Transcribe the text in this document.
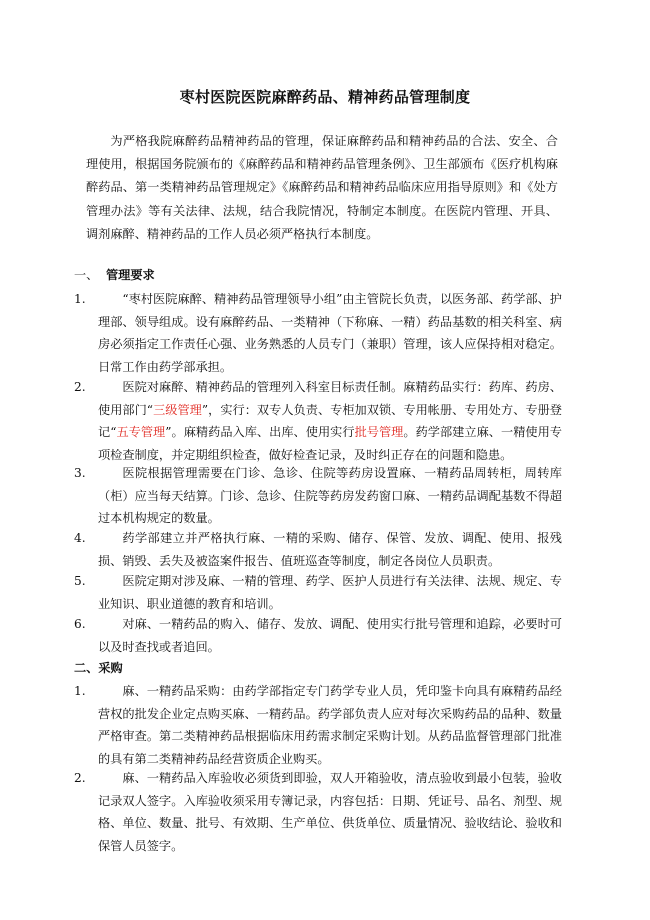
枣村医院医院麻醉药品、精神药品管理制度
为严格我院麻醉药品精神药品的管理，保证麻醉药品和精神药品的合法、安全、合理使用，根据国务院颁布的《麻醉药品和精神药品管理条例》、卫生部颁布《医疗机构麻醉药品、第一类精神药品管理规定》《麻醉药品和精神药品临床应用指导原则》和《处方管理办法》等有关法律、法规，结合我院情况，特制定本制度。在医院内管理、开具、调剂麻醉、精神药品的工作人员必须严格执行本制度。
一、 管理要求
1.	“枣村医院麻醉、精神药品管理领导小组”由主管院长负责，以医务部、药学部、护理部、领导组成。设有麻醉药品、一类精神（下称麻、一精）药品基数的相关科室、病房必须指定工作责任心强、业务熟悉的人员专门（兼职）管理，该人应保持相对稳定。日常工作由药学部承担。
2.	医院对麻醉、精神药品的管理列入科室目标责任制。麻精药品实行：药库、药房、使用部门“三级管理”，实行：双专人负责、专柜加双锁、专用帐册、专用处方、专册登记“五专管理”。麻精药品入库、出库、使用实行批号管理。药学部建立麻、一精使用专项检查制度，并定期组织检查，做好检查记录，及时纠正存在的问题和隐患。
3.	医院根据管理需要在门诊、急诊、住院等药房设置麻、一精药品周转柜，周转库（柜）应当每天结算。门诊、急诊、住院等药房发药窗口麻、一精药品调配基数不得超过本机构规定的数量。
4.	药学部建立并严格执行麻、一精的采购、储存、保管、发放、调配、使用、报残损、销毁、丢失及被盗案件报告、值班巡查等制度，制定各岗位人员职责。
5.	医院定期对涉及麻、一精的管理、药学、医护人员进行有关法律、法规、规定、专业知识、职业道德的教育和培训。
6.	对麻、一精药品的购入、储存、发放、调配、使用实行批号管理和追踪，必要时可以及时查找或者追回。
二、采购
1.	麻、一精药品采购：由药学部指定专门药学专业人员，凭印鉴卡向具有麻精药品经营权的批发企业定点购买麻、一精药品。药学部负责人应对每次采购药品的品种、数量严格审查。第二类精神药品根据临床用药需求制定采购计划。从药品监督管理部门批准的具有第二类精神药品经营资质企业购买。
2.	麻、一精药品入库验收必须货到即验，双人开箱验收，清点验收到最小包装，验收记录双人签字。入库验收须采用专簿记录，内容包括：日期、凭证号、品名、剂型、规格、单位、数量、批号、有效期、生产单位、供货单位、质量情况、验收结论、验收和保管人员签字。
